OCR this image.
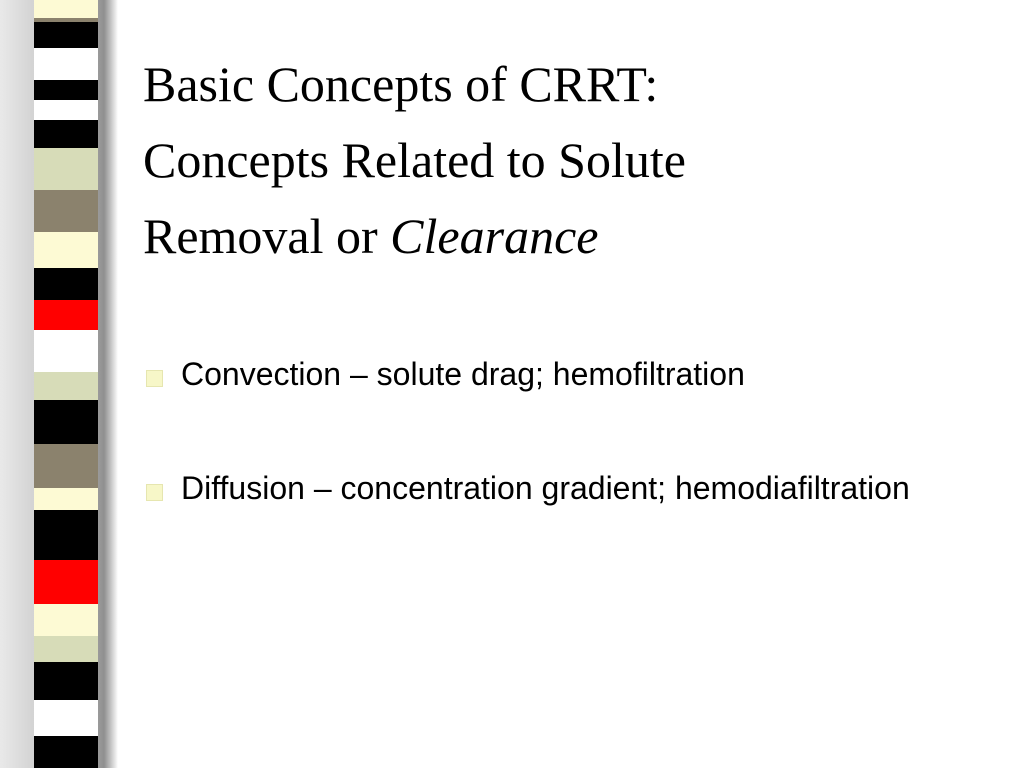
Basic Concepts of CRRT:
Concepts Related to Solute
Removal or Clearance
Convection – solute drag; hemofiltration
Diffusion – concentration gradient; hemodiafiltration
